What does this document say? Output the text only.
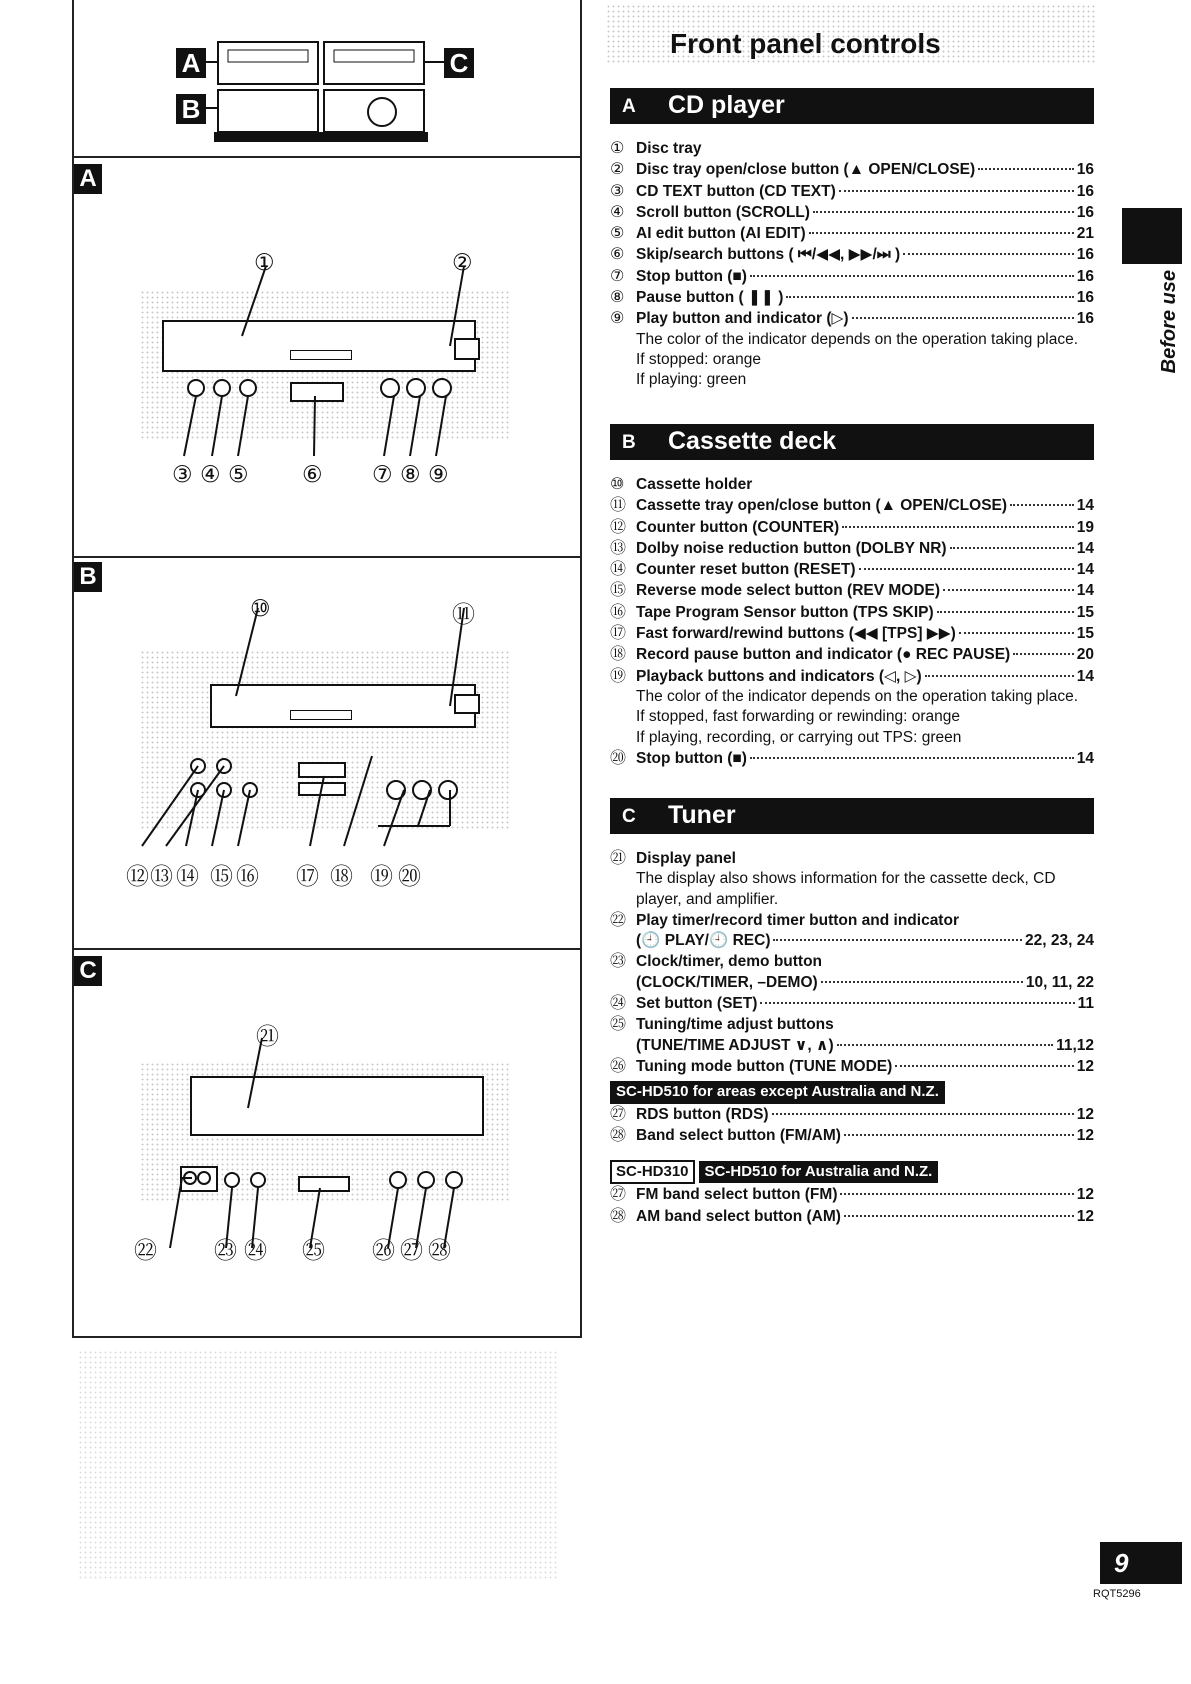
A	C
B
A
①	②
③ ④ ⑤ ⑥ ⑦ ⑧ ⑨
B
⑩	⑪
⑫ ⑬ ⑭ ⑮ ⑯ ⑰ ⑱ ⑲ ⑳
C
㉑
㉒ ㉓ ㉔ ㉕ ㉖ ㉗ ㉘
Front panel controls
A CD player
① Disc tray
② Disc tray open/close button (▲ OPEN/CLOSE)	16
③ CD TEXT button (CD TEXT)	16
④ Scroll button (SCROLL)	16
⑤ AI edit button (AI EDIT)	21
⑥ Skip/search buttons ( ⏮/◀◀, ▶▶/⏭ )	16
⑦ Stop button (■)	16
⑧ Pause button ( ❚❚ )	16
⑨ Play button and indicator (▷)	16
The color of the indicator depends on the operation taking place.
If stopped: orange
If playing: green
B Cassette deck
⑩ Cassette holder
⑪ Cassette tray open/close button (▲ OPEN/CLOSE)	14
⑫ Counter button (COUNTER)	19
⑬ Dolby noise reduction button (DOLBY NR)	14
⑭ Counter reset button (RESET)	14
⑮ Reverse mode select button (REV MODE)	14
⑯ Tape Program Sensor button (TPS SKIP)	15
⑰ Fast forward/rewind buttons (◀◀ [TPS] ▶▶)	15
⑱ Record pause button and indicator (● REC PAUSE)	20
⑲ Playback buttons and indicators (◁, ▷)	14
The color of the indicator depends on the operation taking place.
If stopped, fast forwarding or rewinding: orange
If playing, recording, or carrying out TPS: green
⑳ Stop button (■)	14
C Tuner
㉑ Display panel
The display also shows information for the cassette deck, CD player, and amplifier.
㉒ Play timer/record timer button and indicator
(🕘 PLAY/🕘 REC)	22, 23, 24
㉓ Clock/timer, demo button
(CLOCK/TIMER, –DEMO)	10, 11, 22
㉔ Set button (SET)	11
㉕ Tuning/time adjust buttons
(TUNE/TIME ADJUST ∨, ∧)	11,12
㉖ Tuning mode button (TUNE MODE)	12
SC-HD510 for areas except Australia and N.Z.
㉗ RDS button (RDS)	12
㉘ Band select button (FM/AM)	12
SC-HD310	SC-HD510 for Australia and N.Z.
㉗ FM band select button (FM)	12
㉘ AM band select button (AM)	12
Before use
9
RQT5296
